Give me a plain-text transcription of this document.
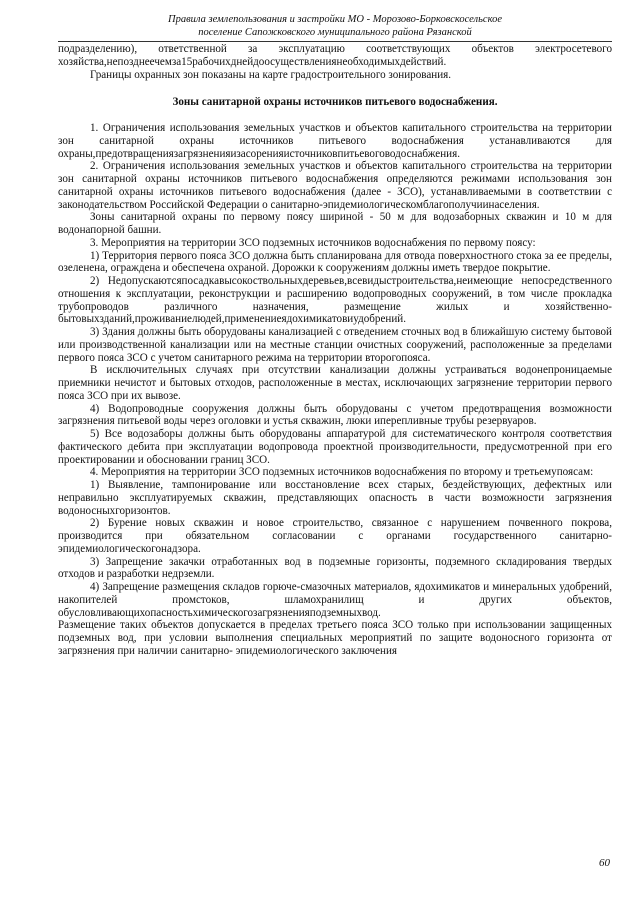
Правила землепользования и застройки МО - Морозово-Борковскосельское
поселение Сапожковского муниципального района Рязанской

подразделению), ответственной за эксплуатацию соответствующих объектов электросетевого хозяйства,непозднеечемза15рабочихднейдоосуществлениянеобходимыхдействий.

Границы охранных зон показаны на карте градостроительного зонирования.

Зоны санитарной охраны источников питьевого водоснабжения.

1. Ограничения использования земельных участков и объектов капитального строительства на территории зон санитарной охраны источников питьевого водоснабжения устанавливаются для охраны,предотвращениязагрязненияизасоренияисточниковпитьевоговодоснабжения.

2. Ограничения использования земельных участков и объектов капитального строительства на территории зон санитарной охраны источников питьевого водоснабжения определяются режимами использования зон санитарной охраны источников питьевого водоснабжения (далее - ЗСО), устанавливаемыми в соответствии с законодательством Российской Федерации о санитарно-эпидемиологическомблагополучиинаселения.

Зоны санитарной охраны по первому поясу шириной - 50 м для водозаборных скважин и 10 м для водонапорной башни.

3. Мероприятия на территории ЗСО подземных источников водоснабжения по первому поясу:

1) Территория первого пояса ЗСО должна быть спланирована для отвода поверхностного стока за ее пределы, озеленена, ограждена и обеспечена охраной. Дорожки к сооружениям должны иметь твердое покрытие.

2) Недопускаютсяпосадкавысокоствольныхдеревьев,всевидыстроительства,неимеющие непосредственного отношения к эксплуатации, реконструкции и расширению водопроводных сооружений, в том числе прокладка трубопроводов различного назначения, размещение жилых и хозяйственно-бытовыхзданий,проживаниелюдей,применениеядохимикатовиудобрений.

3) Здания должны быть оборудованы канализацией с отведением сточных вод в ближайшую систему бытовой или производственной канализации или на местные станции очистных сооружений, расположенные за пределами первого пояса ЗСО с учетом санитарного режима на территории второгопояса.

В исключительных случаях при отсутствии канализации должны устраиваться водонепроницаемые приемники нечистот и бытовых отходов, расположенные в местах, исключающих загрязнение территории первого пояса ЗСО при их вывозе.

4) Водопроводные сооружения должны быть оборудованы с учетом предотвращения возможности загрязнения питьевой воды через оголовки и устья скважин, люки иперепливные трубы резервуаров.

5) Все водозаборы должны быть оборудованы аппаратурой для систематического контроля соответствия фактического дебита при эксплуатации водопровода проектной производительности, предусмотренной при его проектировании и обосновании границ ЗСО.

4. Мероприятия на территории ЗСО подземных источников водоснабжения по второму и третьемупоясам:

1) Выявление, тампонирование или восстановление всех старых, бездействующих, дефектных или неправильно эксплуатируемых скважин, представляющих опасность в части возможности загрязнения водоносныхгоризонтов.

2) Бурение новых скважин и новое строительство, связанное с нарушением почвенного покрова, производится при обязательном согласовании с органами государственного санитарно-эпидемиологическогонадзора.

3) Запрещение закачки отработанных вод в подземные горизонты, подземного складирования твердых отходов и разработки недрземли.

4) Запрещение размещения складов горюче-смазочных материалов, ядохимикатов и минеральных удобрений, накопителей промстоков, шламохранилищ и других объектов, обусловливающихопасностьхимическогозагрязненияподземныхвод.

Размещение таких объектов допускается в пределах третьего пояса ЗСО только при использовании защищенных подземных вод, при условии выполнения специальных мероприятий по защите водоносного горизонта от загрязнения при наличии санитарно- эпидемиологического заключения

60
